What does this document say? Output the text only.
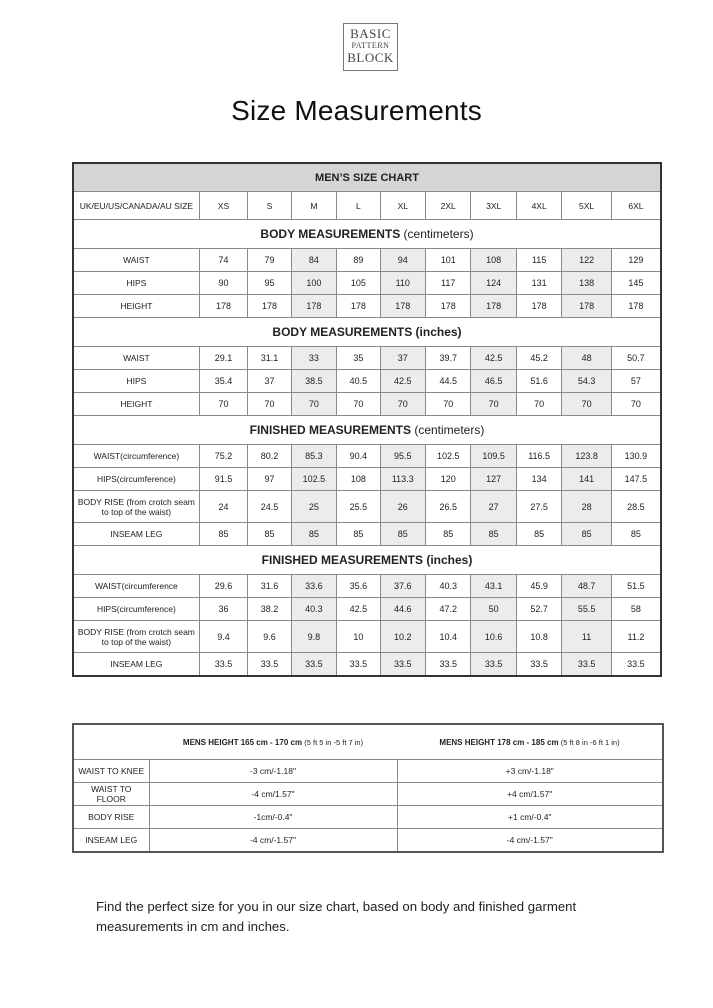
BASIC
PATTERN
BLOCK
Size Measurements
MEN’S SIZE CHART										
UK/EU/US/CANADA/AU SIZE	XS	S	M	L	XL	2XL	3XL	4XL	5XL	6XL
BODY MEASUREMENTS (centimeters)										
WAIST	74	79	84	89	94	101	108	115	122	129
HIPS	90	95	100	105	110	117	124	131	138	145
HEIGHT	178	178	178	178	178	178	178	178	178	178
BODY MEASUREMENTS (inches)										
WAIST	29.1	31.1	33	35	37	39.7	42.5	45.2	48	50.7
HIPS	35.4	37	38.5	40.5	42.5	44.5	46.5	51.6	54.3	57
HEIGHT	70	70	70	70	70	70	70	70	70	70
FINISHED MEASUREMENTS (centimeters)										
WAIST(circumference)	75.2	80.2	85.3	90.4	95.5	102.5	109.5	116.5	123.8	130.9
HIPS(circumference)	91.5	97	102.5	108	113.3	120	127	134	141	147.5
BODY RISE (from crotch seam to top of the waist)	24	24.5	25	25.5	26	26.5	27	27.5	28	28.5
INSEAM LEG	85	85	85	85	85	85	85	85	85	85
FINISHED MEASUREMENTS (inches)										
WAIST(circumference	29.6	31.6	33.6	35.6	37.6	40.3	43.1	45.9	48.7	51.5
HIPS(circumference)	36	38.2	40.3	42.5	44.6	47.2	50	52.7	55.5	58
BODY RISE (from crotch seam to top of the waist)	9.4	9.6	9.8	10	10.2	10.4	10.6	10.8	11	11.2
INSEAM LEG	33.5	33.5	33.5	33.5	33.5	33.5	33.5	33.5	33.5	33.5
	MENS HEIGHT 165 cm - 170 cm (5 ft 5 in -5 ft 7 in)	MENS HEIGHT 178 cm - 185 cm (5 ft 8 in -6 ft 1 in)
WAIST TO KNEE	-3 cm/-1.18"	+3 cm/-1.18"
WAIST TO FLOOR	-4 cm/1.57"	+4 cm/1.57"
BODY RISE	-1cm/-0.4"	+1 cm/-0.4"
INSEAM LEG	-4 cm/-1.57"	-4 cm/-1.57"
Find the perfect size for you in our size chart, based on body and finished garment measurements in cm and inches.
